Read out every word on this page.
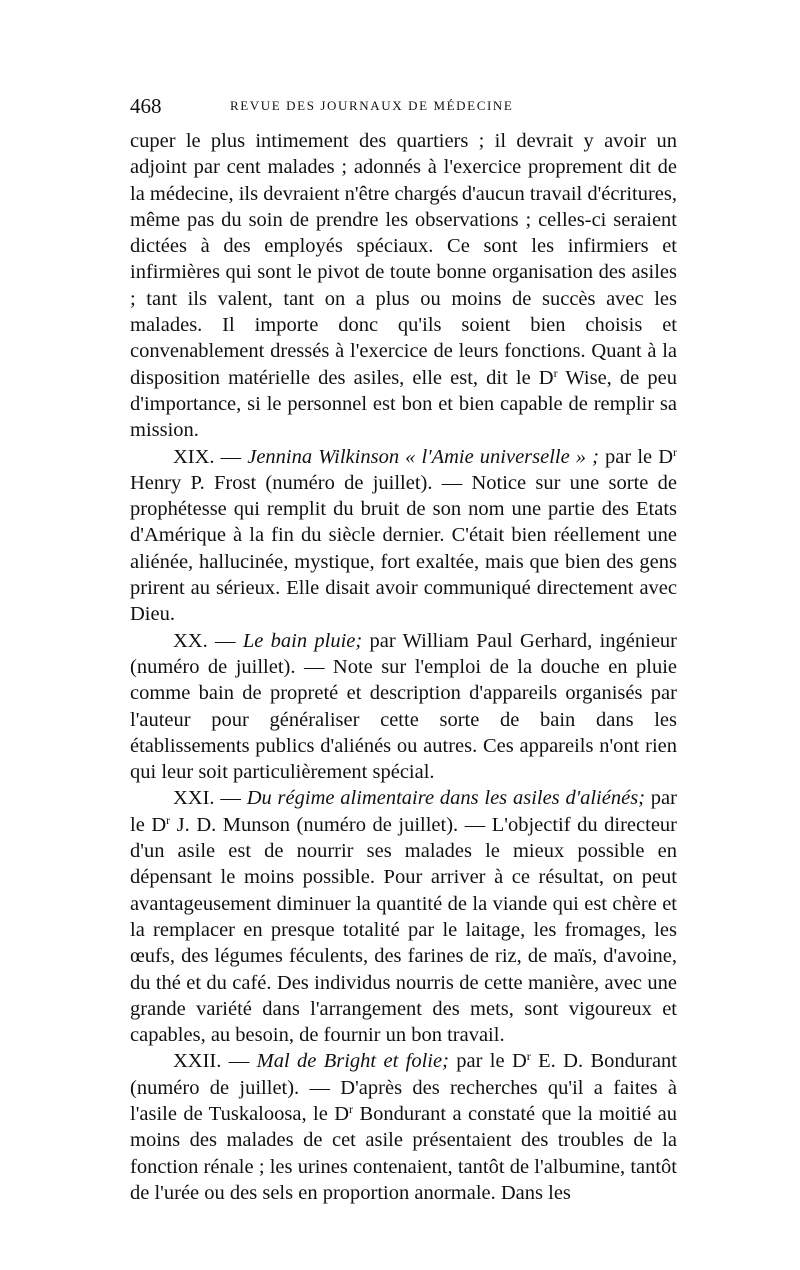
468	REVUE DES JOURNAUX DE MÉDECINE

cuper le plus intimement des quartiers ; il devrait y avoir un adjoint par cent malades ; adonnés à l'exercice proprement dit de la médecine, ils devraient n'être chargés d'aucun travail d'écritures, même pas du soin de prendre les observations ; celles-ci seraient dictées à des employés spéciaux. Ce sont les infirmiers et infirmières qui sont le pivot de toute bonne organisation des asiles ; tant ils valent, tant on a plus ou moins de succès avec les malades. Il importe donc qu'ils soient bien choisis et convenablement dressés à l'exercice de leurs fonctions. Quant à la disposition matérielle des asiles, elle est, dit le $D^r$ Wise, de peu d'importance, si le personnel est bon et bien capable de remplir sa mission.

XIX. — Jennina Wilkinson « l'Amie universelle » ; par le $D^r$ Henry P. Frost (numéro de juillet). — Notice sur une sorte de prophétesse qui remplit du bruit de son nom une partie des Etats d'Amérique à la fin du siècle dernier. C'était bien réellement une aliénée, hallucinée, mystique, fort exaltée, mais que bien des gens prirent au sérieux. Elle disait avoir communiqué directement avec Dieu.

XX. — Le bain pluie; par William Paul Gerhard, ingénieur (numéro de juillet). — Note sur l'emploi de la douche en pluie comme bain de propreté et description d'appareils organisés par l'auteur pour généraliser cette sorte de bain dans les établissements publics d'aliénés ou autres. Ces appareils n'ont rien qui leur soit particulièrement spécial.

XXI. — Du régime alimentaire dans les asiles d'aliénés; par le $D^r$ J. D. Munson (numéro de juillet). — L'objectif du directeur d'un asile est de nourrir ses malades le mieux possible en dépensant le moins possible. Pour arriver à ce résultat, on peut avantageusement diminuer la quantité de la viande qui est chère et la remplacer en presque totalité par le laitage, les fromages, les œufs, des légumes féculents, des farines de riz, de maïs, d'avoine, du thé et du café. Des individus nourris de cette manière, avec une grande variété dans l'arrangement des mets, sont vigoureux et capables, au besoin, de fournir un bon travail.

XXII. — Mal de Bright et folie; par le $D^r$ E. D. Bondurant (numéro de juillet). — D'après des recherches qu'il a faites à l'asile de Tuskaloosa, le $D^r$ Bondurant a constaté que la moitié au moins des malades de cet asile présentaient des troubles de la fonction rénale ; les urines contenaient, tantôt de l'albumine, tantôt de l'urée ou des sels en proportion anormale. Dans les
